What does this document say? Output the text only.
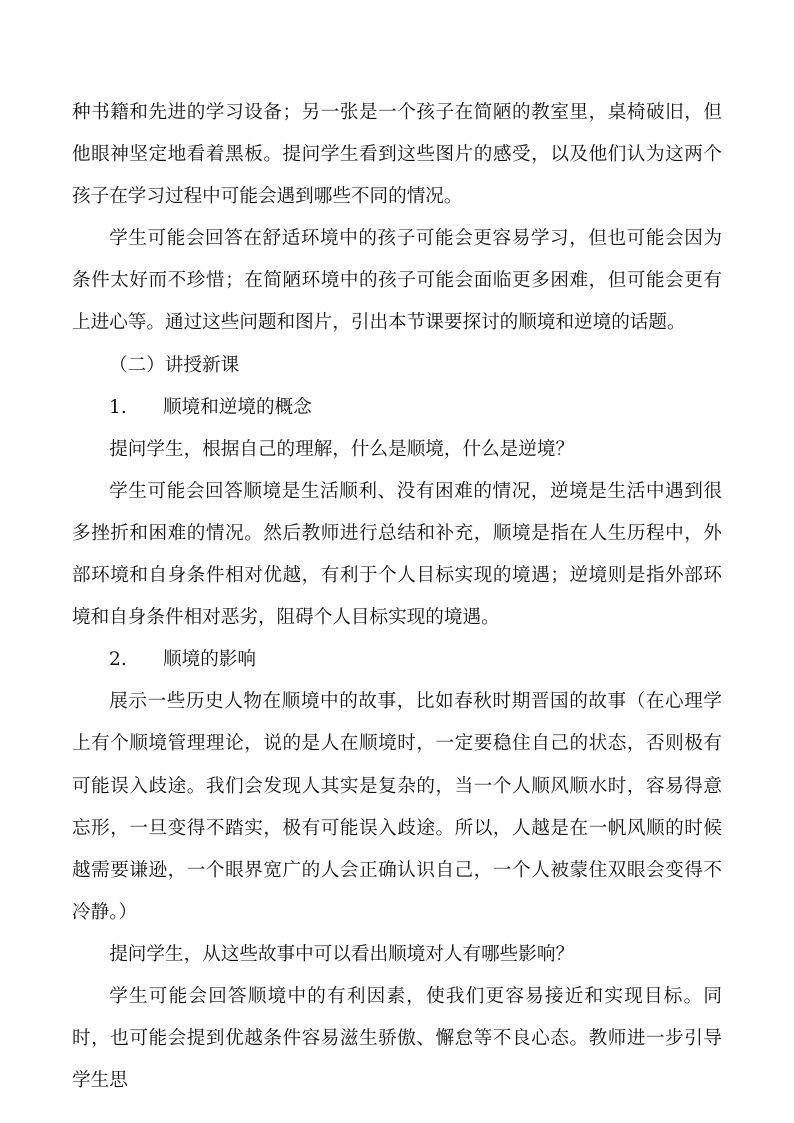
种书籍和先进的学习设备；另一张是一个孩子在简陋的教室里，桌椅破旧，但他眼神坚定地看着黑板。提问学生看到这些图片的感受，以及他们认为这两个孩子在学习过程中可能会遇到哪些不同的情况。

学生可能会回答在舒适环境中的孩子可能会更容易学习，但也可能会因为条件太好而不珍惜；在简陋环境中的孩子可能会面临更多困难，但可能会更有上进心等。通过这些问题和图片，引出本节课要探讨的顺境和逆境的话题。

（二）讲授新课

1. 顺境和逆境的概念

提问学生，根据自己的理解，什么是顺境，什么是逆境？

学生可能会回答顺境是生活顺利、没有困难的情况，逆境是生活中遇到很多挫折和困难的情况。然后教师进行总结和补充，顺境是指在人生历程中，外部环境和自身条件相对优越，有利于个人目标实现的境遇；逆境则是指外部环境和自身条件相对恶劣，阻碍个人目标实现的境遇。

2. 顺境的影响

展示一些历史人物在顺境中的故事，比如春秋时期晋国的故事（在心理学上有个顺境管理理论，说的是人在顺境时，一定要稳住自己的状态，否则极有可能误入歧途。我们会发现人其实是复杂的，当一个人顺风顺水时，容易得意忘形，一旦变得不踏实，极有可能误入歧途。所以，人越是在一帆风顺的时候越需要谦逊，一个眼界宽广的人会正确认识自己，一个人被蒙住双眼会变得不冷静。）

提问学生，从这些故事中可以看出顺境对人有哪些影响？

学生可能会回答顺境中的有利因素，使我们更容易接近和实现目标。同时，也可能会提到优越条件容易滋生骄傲、懈怠等不良心态。教师进一步引导学生思
